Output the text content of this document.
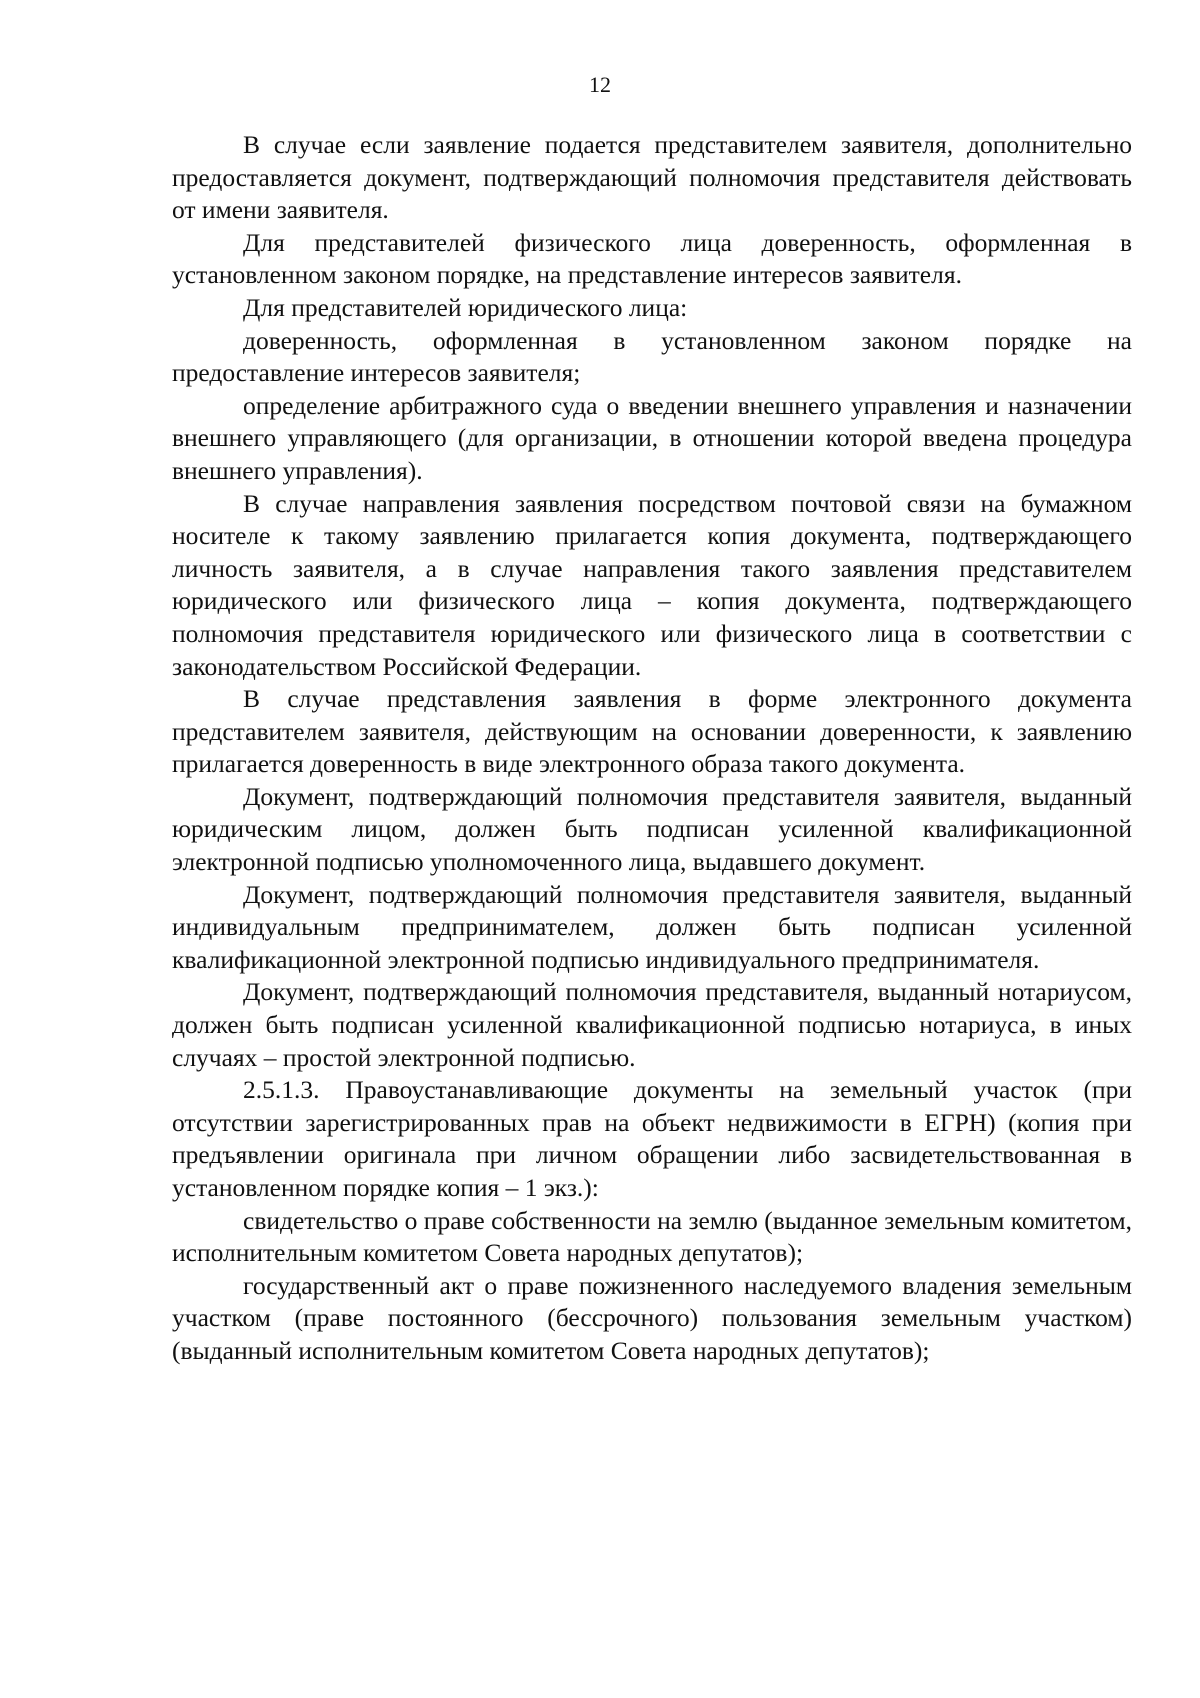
12

В случае если заявление подается представителем заявителя, дополнительно предоставляется документ, подтверждающий полномочия представителя действовать от имени заявителя.

Для представителей физического лица доверенность, оформленная в установленном законом порядке, на представление интересов заявителя.

Для представителей юридического лица:

доверенность, оформленная в установленном законом порядке на предоставление интересов заявителя;

определение арбитражного суда о введении внешнего управления и назначении внешнего управляющего (для организации, в отношении которой введена процедура внешнего управления).

В случае направления заявления посредством почтовой связи на бумажном носителе к такому заявлению прилагается копия документа, подтверждающего личность заявителя, а в случае направления такого заявления представителем юридического или физического лица – копия документа, подтверждающего полномочия представителя юридического или физического лица в соответствии с законодательством Российской Федерации.

В случае представления заявления в форме электронного документа представителем заявителя, действующим на основании доверенности, к заявлению прилагается доверенность в виде электронного образа такого документа.

Документ, подтверждающий полномочия представителя заявителя, выданный юридическим лицом, должен быть подписан усиленной квалификационной электронной подписью уполномоченного лица, выдавшего документ.

Документ, подтверждающий полномочия представителя заявителя, выданный индивидуальным предпринимателем, должен быть подписан усиленной квалификационной электронной подписью индивидуального предпринимателя.

Документ, подтверждающий полномочия представителя, выданный нотариусом, должен быть подписан усиленной квалификационной подписью нотариуса, в иных случаях – простой электронной подписью.

2.5.1.3. Правоустанавливающие документы на земельный участок (при отсутствии зарегистрированных прав на объект недвижимости в ЕГРН) (копия при предъявлении оригинала при личном обращении либо засвидетельствованная в установленном порядке копия – 1 экз.):

свидетельство о праве собственности на землю (выданное земельным комитетом, исполнительным комитетом Совета народных депутатов);

государственный акт о праве пожизненного наследуемого владения земельным участком (праве постоянного (бессрочного) пользования земельным участком) (выданный исполнительным комитетом Совета народных депутатов);
